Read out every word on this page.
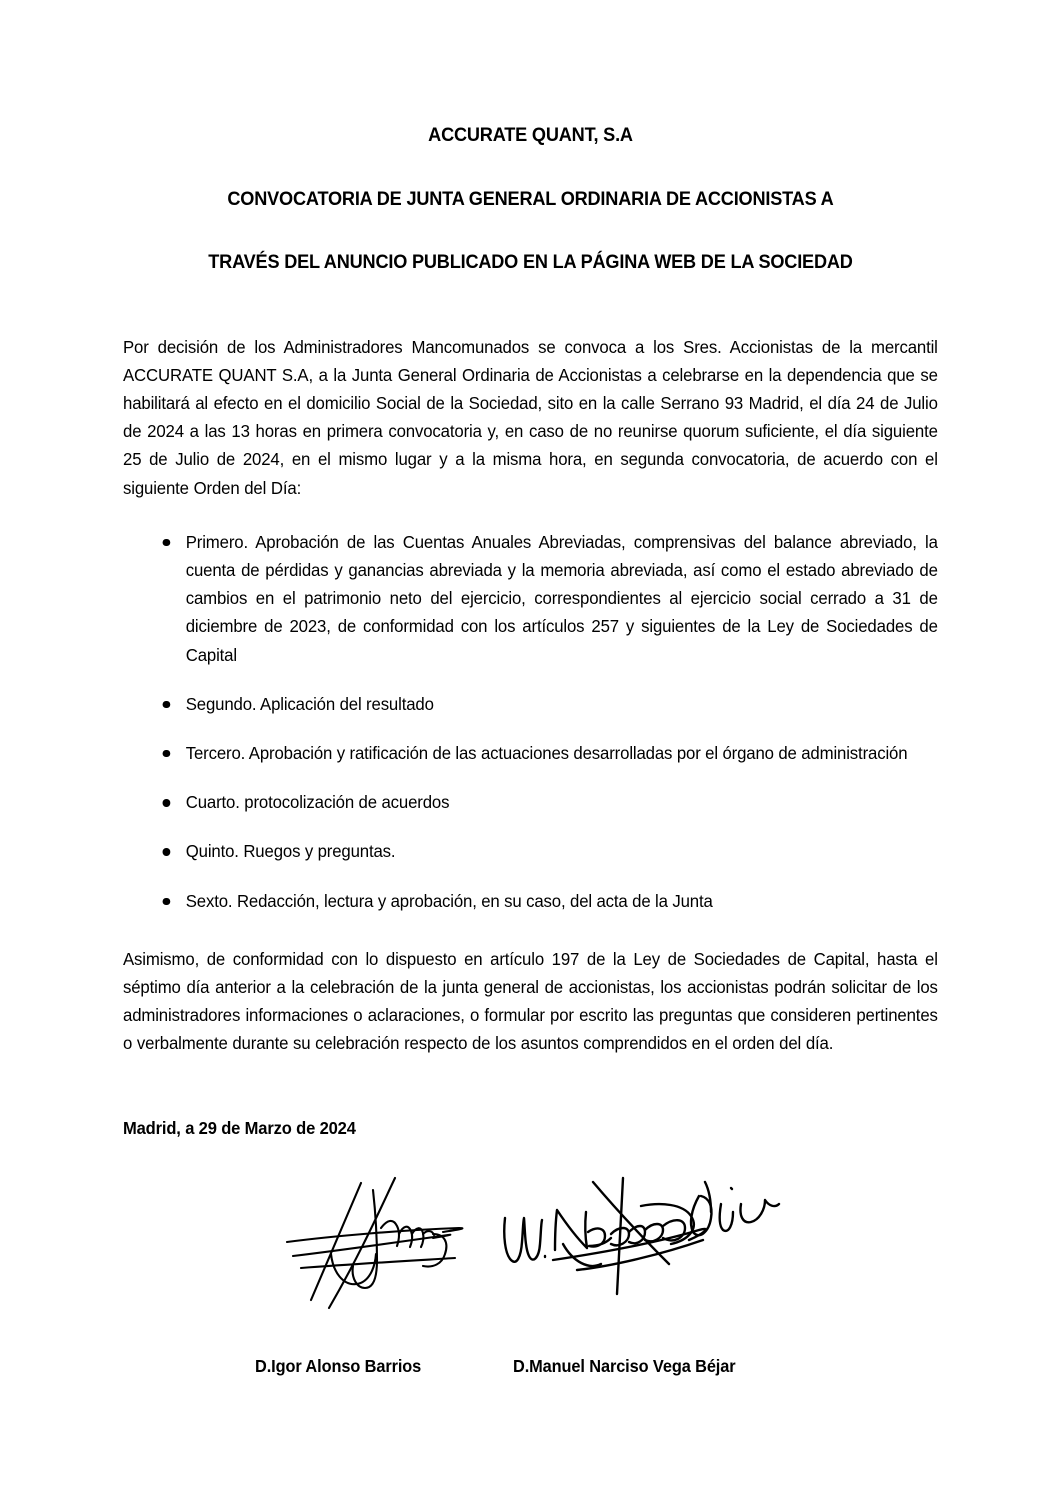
ACCURATE QUANT, S.A
CONVOCATORIA DE JUNTA GENERAL ORDINARIA DE ACCIONISTAS A
TRAVÉS DEL ANUNCIO PUBLICADO EN LA PÁGINA WEB DE LA SOCIEDAD

Por decisión de los Administradores Mancomunados se convoca a los Sres. Accionistas de la mercantil ACCURATE QUANT S.A, a la Junta General Ordinaria de Accionistas a celebrarse en la dependencia que se habilitará al efecto en el domicilio Social de la Sociedad, sito en la calle Serrano 93 Madrid, el día 24 de Julio de 2024 a las 13 horas en primera convocatoria y, en caso de no reunirse quorum suficiente, el día siguiente 25 de Julio de 2024, en el mismo lugar y a la misma hora, en segunda convocatoria, de acuerdo con el siguiente Orden del Día:

Primero. Aprobación de las Cuentas Anuales Abreviadas, comprensivas del balance abreviado, la cuenta de pérdidas y ganancias abreviada y la memoria abreviada, así como el estado abreviado de cambios en el patrimonio neto del ejercicio, correspondientes al ejercicio social cerrado a 31 de diciembre de 2023, de conformidad con los artículos 257 y siguientes de la Ley de Sociedades de Capital
Segundo. Aplicación del resultado
Tercero. Aprobación y ratificación de las actuaciones desarrolladas por el órgano de administración
Cuarto. protocolización de acuerdos
Quinto. Ruegos y preguntas.
Sexto. Redacción, lectura y aprobación, en su caso, del acta de la Junta

Asimismo, de conformidad con lo dispuesto en artículo 197 de la Ley de Sociedades de Capital, hasta el séptimo día anterior a la celebración de la junta general de accionistas, los accionistas podrán solicitar de los administradores informaciones o aclaraciones, o formular por escrito las preguntas que consideren pertinentes o verbalmente durante su celebración respecto de los asuntos comprendidos en el orden del día.

Madrid, a 29 de Marzo de 2024
D.Igor Alonso Barrios	D.Manuel Narciso Vega Béjar
